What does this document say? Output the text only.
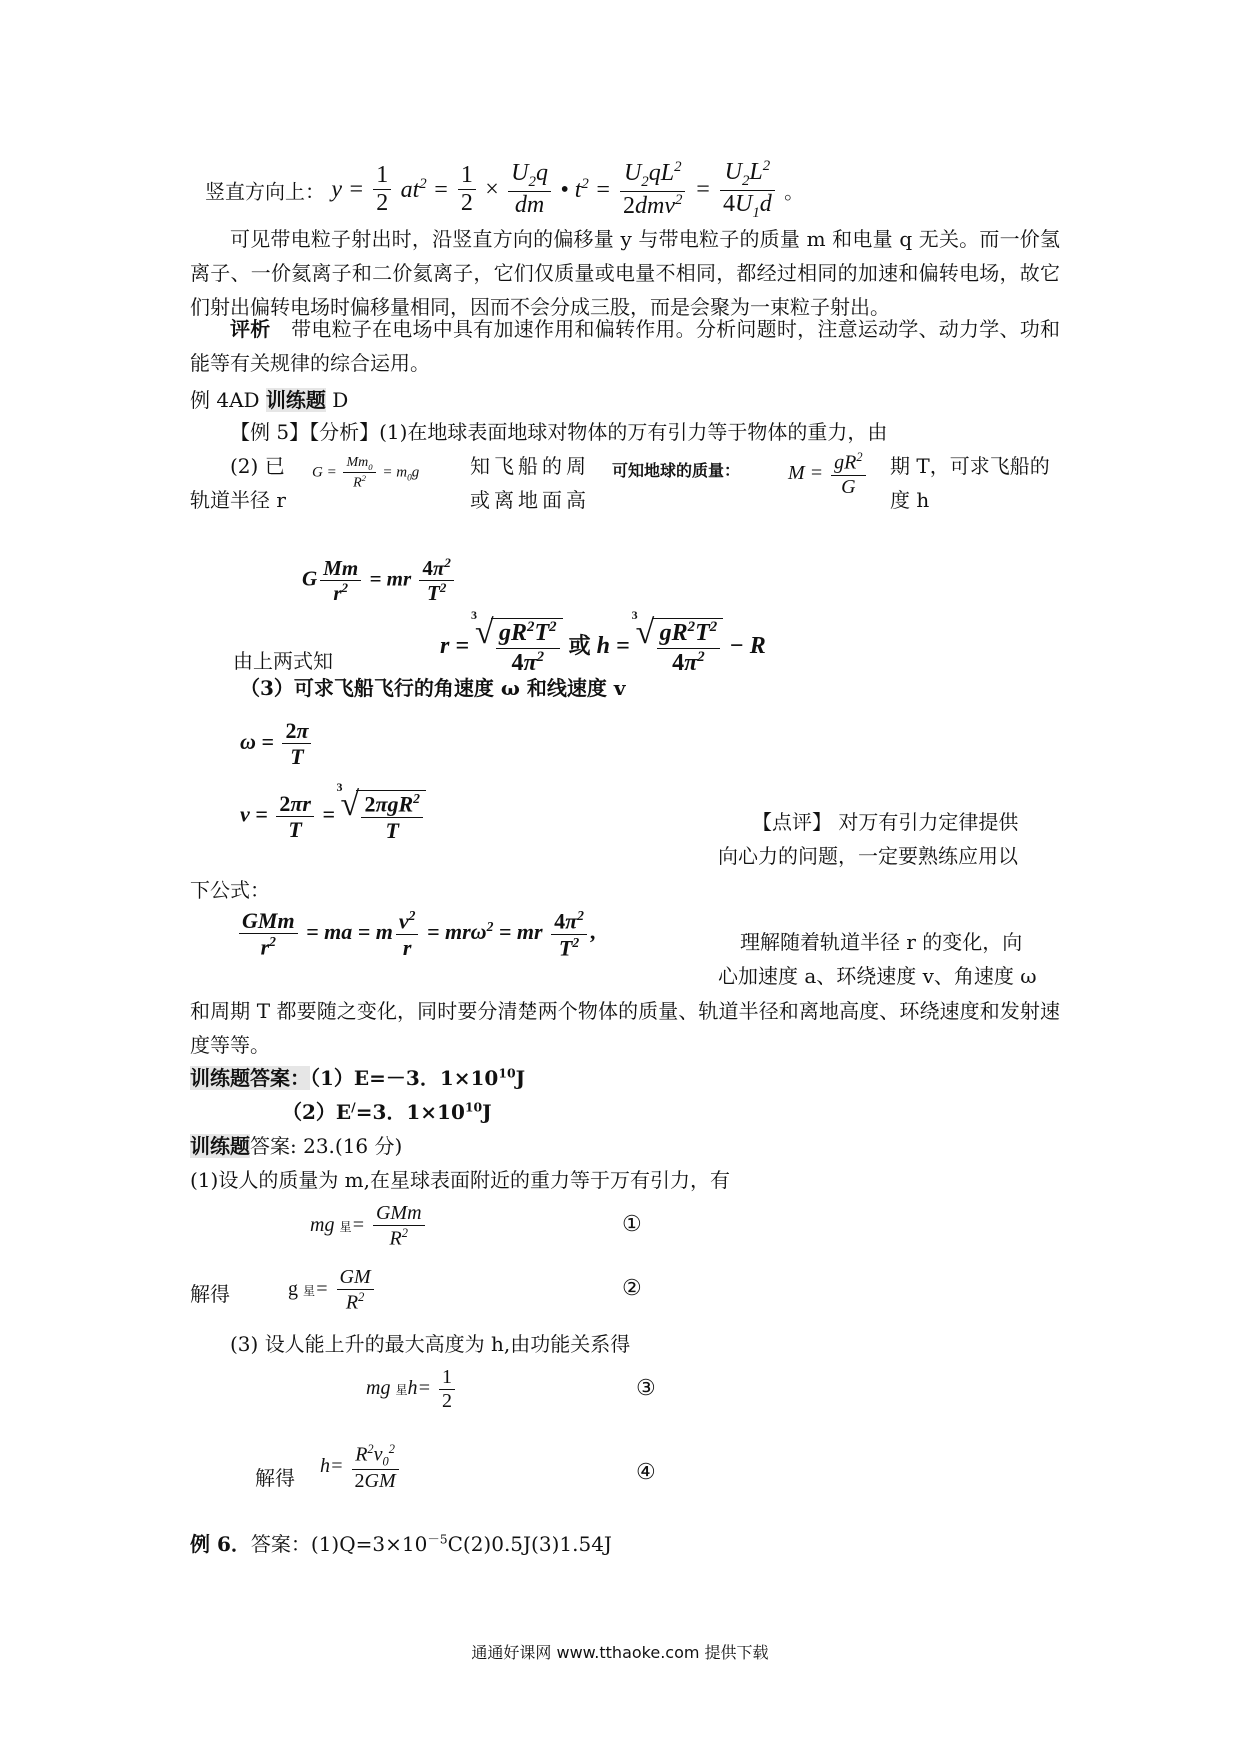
竖直方向上： $y = \frac{1}{2} at^2 = \frac{1}{2} \times \frac{U_2q}{dm}$ • $t^2 = \frac{U_2qL^2}{2dmv^2} = \frac{U_2L^2}{4U_1d}$ 。
可见带电粒子射出时，沿竖直方向的偏移量 y 与带电粒子的质量 m 和电量 q 无关。而一价氢离子、一价氦离子和二价氦离子，它们仅质量或电量不相同，都经过相同的加速和偏转电场，故它们射出偏转电场时偏移量相同，因而不会分成三股，而是会聚为一束粒子射出。
评析 带电粒子在电场中具有加速作用和偏转作用。分析问题时，注意运动学、动力学、功和能等有关规律的综合运用。
例 4AD 训练题 D
【例 5】【分析】(1)在地球表面地球对物体的万有引力等于物体的重力，由
(2) 已 $G = \frac{Mm_0}{R^2} = m_0g$	知飞船的周 可知地球的质量： $M = \frac{gR^2}{G}$ 期 T，可求飞船的
轨道半径 r	或离地面高	度 h
G $\frac{Mm}{r^2}$ = mr $\frac{4\pi^2}{T^2}$
由上两式知
r =
3
√ $\frac{gR^2T^2}{4\pi^2}$ 或 h =
3
√ $\frac{gR^2T^2}{4\pi^2} - R$
（3）可求飞船飞行的角速度 ω 和线速度 v
$\omega = \frac{2\pi}{T}$
$v = \frac{2\pi r}{T}$ =
3
√ $\frac{2\pi gR^2}{T}$	【点评】 对万有引力定律提供
向心力的问题，一定要熟练应用以
下公式：
$\frac{\text{GMm}}{r^2}$ = ma = m $\frac{v^2}{r} = mr\omega^2$ = mr $\frac{4\pi^2}{T^2}$ ,	理解随着轨道半径 r 的变化，向
心加速度 a、环绕速度 v、角速度 ω
和周期 T 都要随之变化，同时要分清楚两个物体的质量、轨道半径和离地高度、环绕速度和发射速度等等。
训练题答案：（1）E=－3．$1\times 10^{10}J$
（2）E/=3．$1\times 10^{10}J$
训练题答案: 23.(16 分)
(1)设人的质量为 m,在星球表面附近的重力等于万有引力，有
mg 星= $\frac{\text{GMm}}{R^2}$	①
解得	g 星= $\frac{GM}{R^2}$	②
(3) 设人能上升的最大高度为 h,由功能关系得
mg 星$h= \frac{1}{2}$	③
解得 $h= \frac{R^2v_0^2}{2GM}$	④
例 6．答案：$(1)Q=3\times 10^{-5}C(2)0.5J(3)1.54J$
通通好课网 www.tthaoke.com 提供下载
